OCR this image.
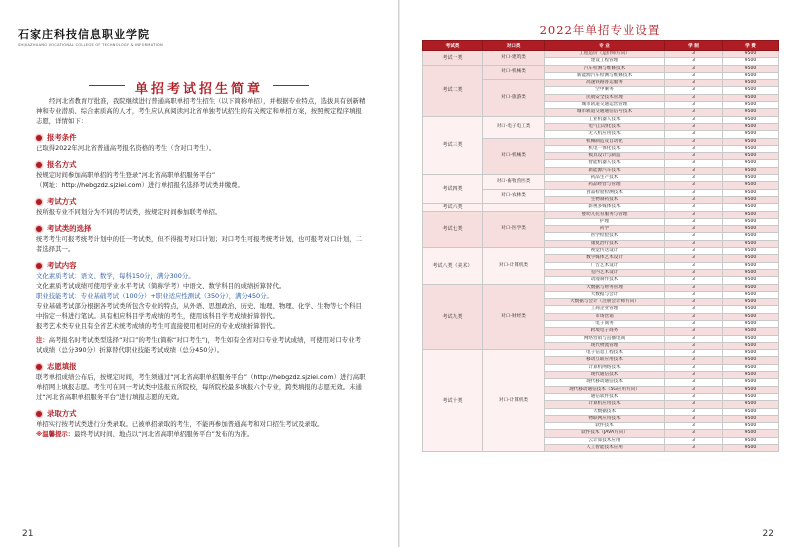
石家庄科技信息职业学院
SHIJIAZHUANG VOCATIONAL COLLEGE OF TECHNOLOGY & INFORMATION
单招考试招生简章

经河北省教育厅批准，我院继续进行普通高职单招考生招生（以下简称单招），并根据专业特点，选拔具有创新精神和专业潜质、综合素质高的人才，考生应认真阅读河北省单独考试招生的有关规定和单招方案，按照规定程序填报志愿，详情如下：

报考条件

已取得2022年河北省普通高考报名资格的考生（含对口考生）。

报名方式

按规定时间参加高职单招的考生登录“河北省高职单招服务平台”

（网址：http://hebgzdz.sjziei.com）进行单招报名选择考试类并缴费。

考试方式

按所报专业不同划分为不同的考试类，按规定时间参加联考单招。

考试类的选择

统考考生可报考统考计划中的任一考试类，但不得报考对口计划；对口考生可报考统考计划，也可报考对口计划，二者选择其一。

考试内容

文化素质考试：语文、数学，每科150分，满分300分。

文化素质考试成绩可使用学业水平考试（简称学考）中语文、数学科目的成绩折算替代。

职业技能考试：专业基础考试（100分）+职业适应性测试（350分），满分450分。

专业基础考试部分根据各考试类所包含专业的特点，从外语、思想政治、历史、地理、物理、化学、生物等七个科目中指定一科进行笔试。具有相应科目学考成绩的考生，使用该科目学考成绩折算替代。

报考艺术类专业且有全省艺术统考成绩的考生可直接使用相对应的专业成绩折算替代。

注：高考报名时考试类型选择“对口”的考生(简称“对口考生”)，考生如有全省对口专业考试成绩，可使用对口专业考试成绩（总分390分）折算替代职业技能考试成绩（总分450分）。

志愿填报

联考单招成绩公布后，按规定时间，考生须通过“河北省高职单招服务平台”（http://hebgzdz.sjziei.com）进行高职单招网上填报志愿。考生可在同一考试类中选报五所院校，每所院校最多填报六个专业，跨类填报的志愿无效。未通过“河北省高职单招服务平台”进行填报志愿的无效。

录取方式

单招实行按考试类进行分类录取。已被单招录取的考生，不能再参加普通高考和对口招生考试及录取。

※温馨提示：最终考试时间、地点以“河北省高职单招服务平台”发布的为准。

21
2022年单招专业设置
考试类	对口类	专 业	学 制	学 费
考试一类	对口-建筑类	工程造价（造价师方向）	3	9500
		建设工程管理	3	9500
考试二类	对口-机械类	汽车检测与维修技术	3	9500
		新能源汽车检测与维修技术	3	9500
	对口-旅游类	高速铁路客运服务	3	9500
		空中乘务	3	9500
		民航安全技术管理	3	9500
		城市轨道交通运营管理	3	9500
		城市轨道交通通信信号技术	3	9500
考试三类	对口-电子电工类	工业机器人技术	3	9500
		电气自动化技术	3	9500
		无人机应用技术	3	9500
	对口-机械类	机械制造及自动化	3	9500
		机电一体化技术	3	9500
		模具设计与制造	3	9500
		智能机器人技术	3	9500
		新能源汽车技术	3	9500
考试四类	对口-畜牧兽医类	药品生产技术	3	9500
		药品经营与管理	3	9500
	对口-农林类	食品检验检测技术	3	9500
		生物制药技术	3	9500
考试六类		影视多媒体技术	3	9500
考试七类	对口-医学类	婴幼儿托育服务与管理	3	9500
		护理	3	9500
		药学	3	9500
		医学检验技术	3	9500
		康复治疗技术	3	9500
考试八类（美术）	对口-计算机类	视觉传达设计	3	9500
		数字媒体艺术设计	3	9500
		广告艺术设计	3	9500
		室内艺术设计	3	9500
		动漫制作技术	3	9500
考试九类	对口-财经类	大数据与财务管理	3	9500
		大数据与会计	3	9500
		大数据与会计（注册会计师方向）	3	9500
		工商企业管理	3	9500
		市场营销	3	9500
		电子商务	3	9500
		跨境电子商务	3	9500
		网络营销与直播电商	3	9500
		现代物流管理	3	9500
考试十类	对口-计算机类	电子信息工程技术	3	9500
		移动互联应用技术	3	9500
		计算机网络技术	3	9500
		现代通信技术	3	9500
		现代移动通信技术	3	9500
		现代移动通信技术（5G应用方向）	3	9500
		通信软件技术	3	9500
		计算机应用技术	3	9500
		大数据技术	3	9500
		物联网应用技术	3	9500
		软件技术	3	9500
		软件技术（JAVA方向）	3	9500
		云计算技术应用	3	9500
		人工智能技术应用	3	9500
22
